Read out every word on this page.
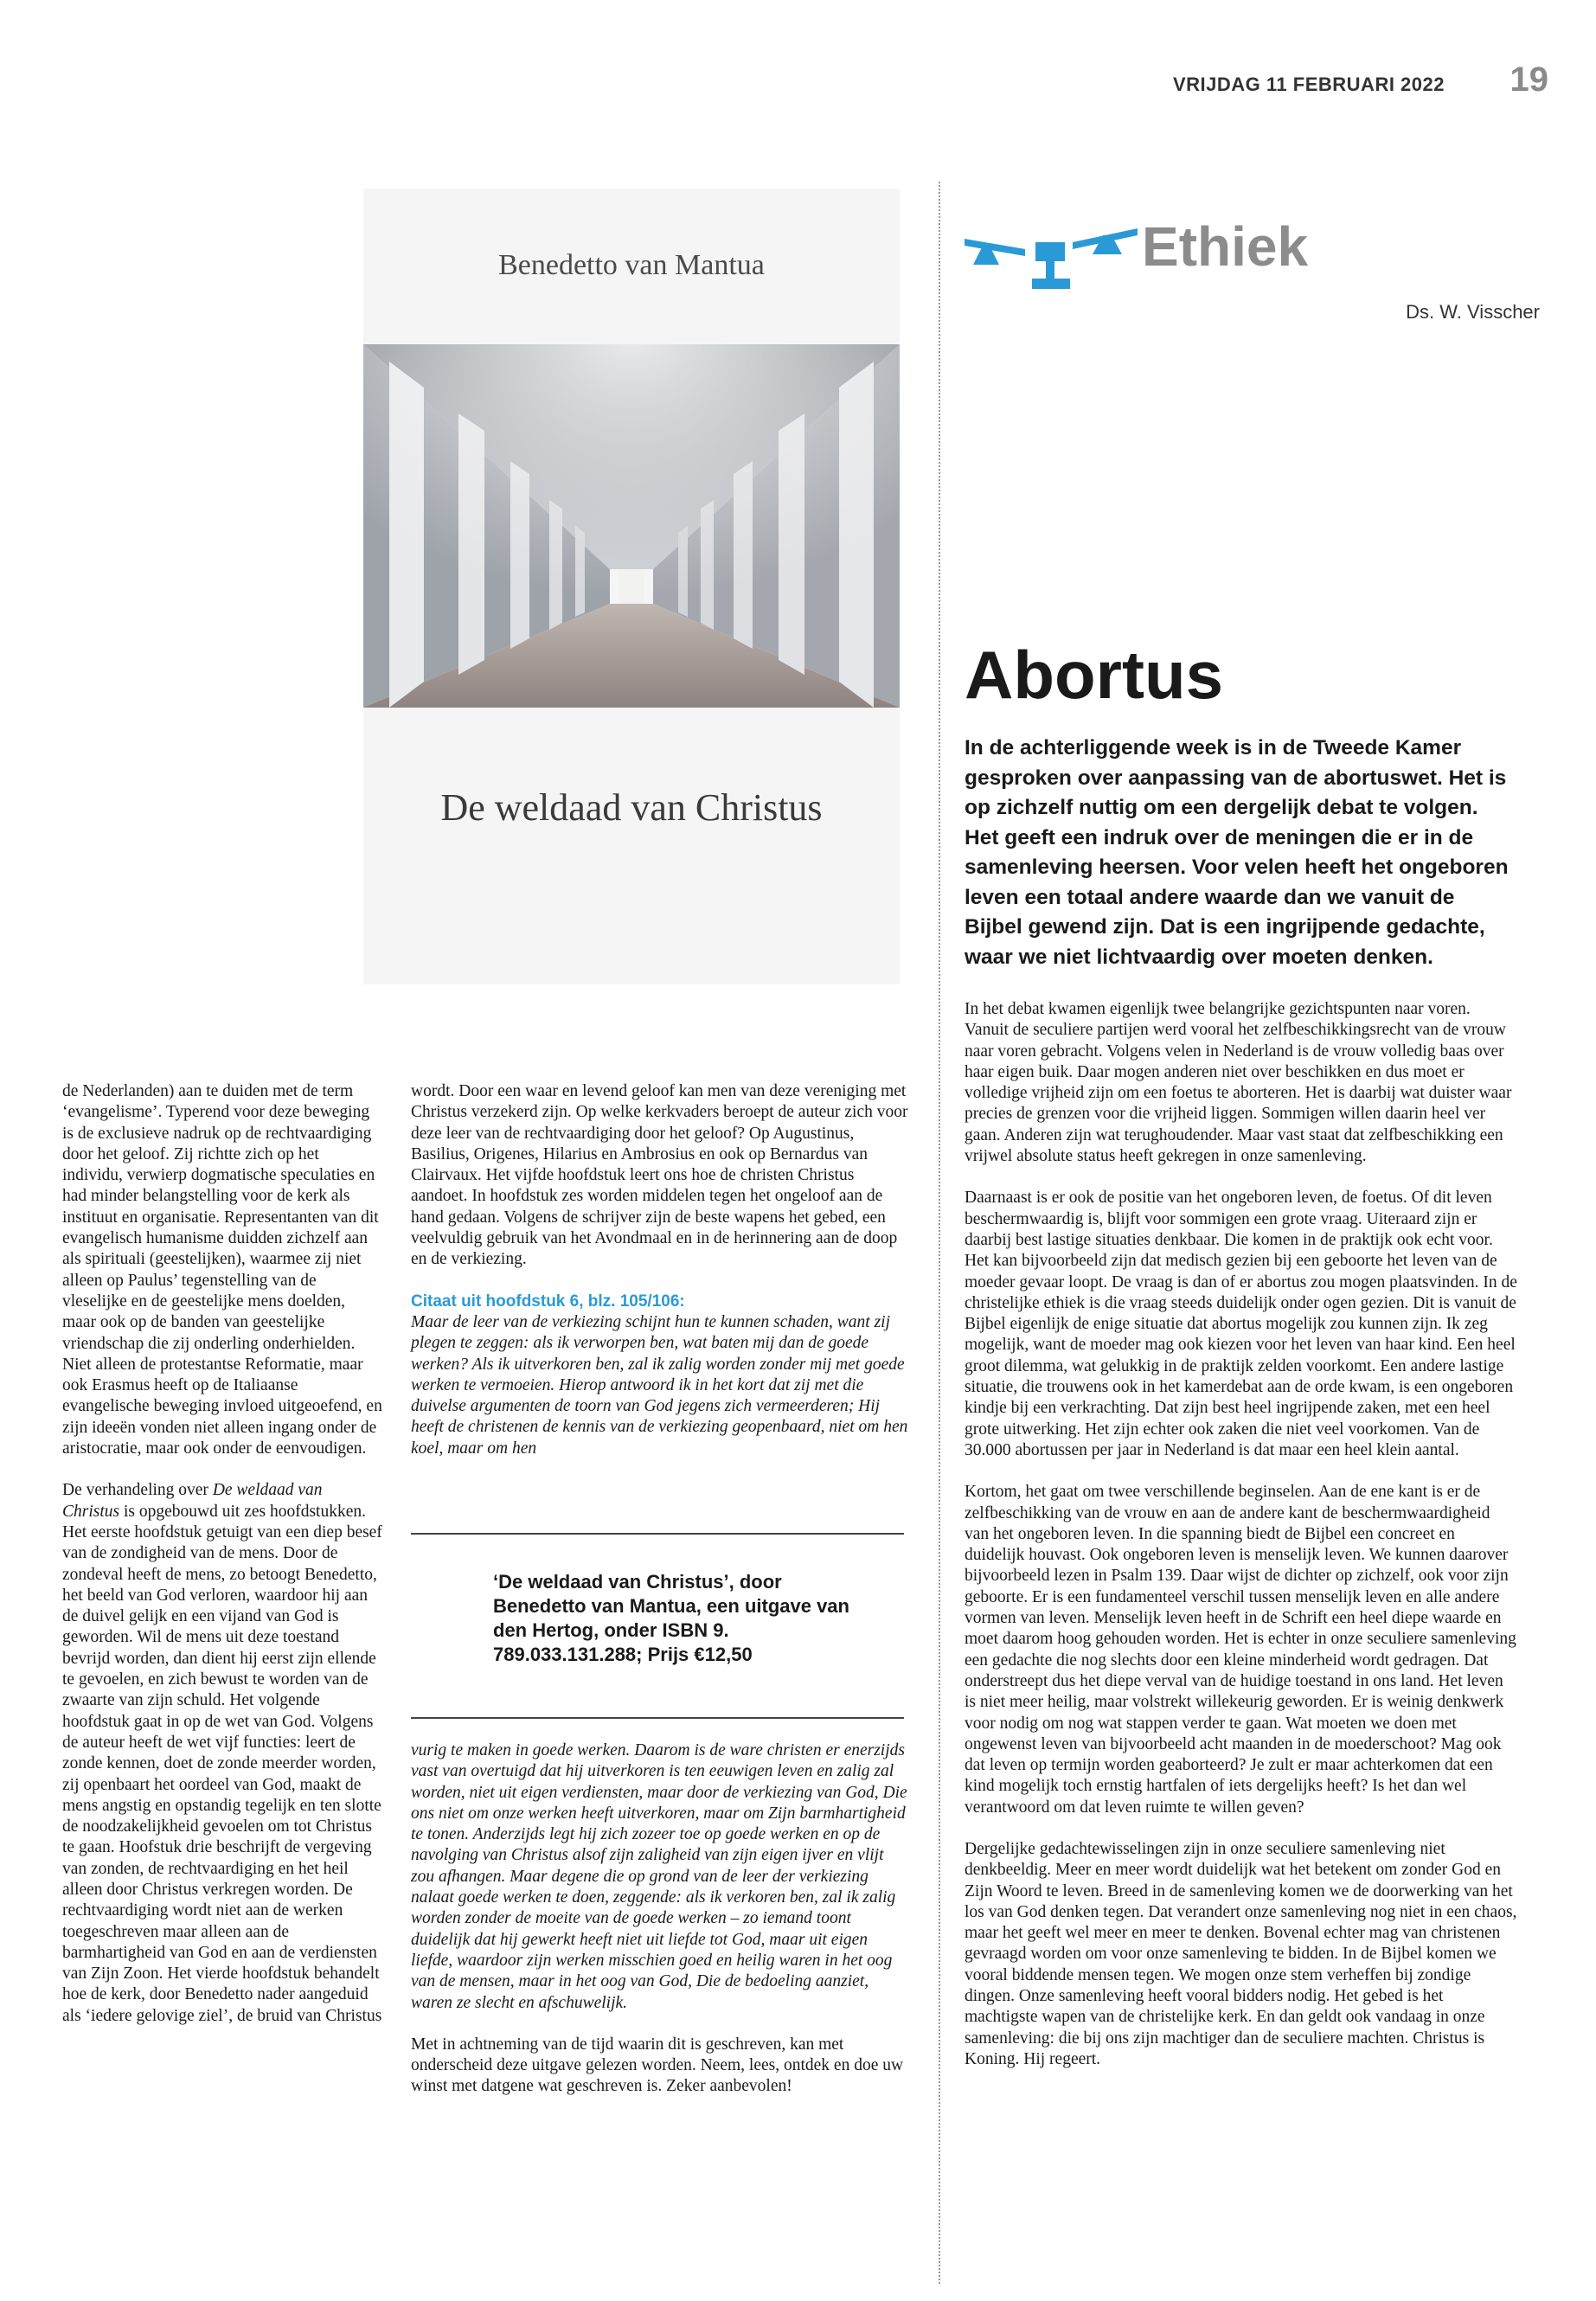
VRIJDAG 11 FEBRUARI 2022	19
Benedetto van Mantua
De weldaad van Christus
Ethiek
Ds. W. Visscher
Abortus
In de achterliggende week is in de Tweede Kamer gesproken over aanpassing van de abortuswet. Het is op zichzelf nuttig om een dergelijk debat te volgen. Het geeft een indruk over de meningen die er in de samenleving heersen. Voor velen heeft het ongeboren leven een totaal andere waarde dan we vanuit de Bijbel gewend zijn. Dat is een ingrijpende gedachte, waar we niet lichtvaardig over moeten denken.

de Nederlanden) aan te duiden met de term ‘evangelisme’. Typerend voor deze beweging is de exclusieve nadruk op de rechtvaardiging door het geloof. Zij richtte zich op het individu, verwierp dogmatische speculaties en had minder belangstelling voor de kerk als instituut en organisatie. Representanten van dit evangelisch humanisme duidden zichzelf aan als spirituali (geestelijken), waarmee zij niet alleen op Paulus’ tegenstelling van de vleselijke en de geestelijke mens doelden, maar ook op de banden van geestelijke vriendschap die zij onderling onderhielden. Niet alleen de protestantse Reformatie, maar ook Erasmus heeft op de Italiaanse evangelische beweging invloed uitgeoefend, en zijn ideeën vonden niet alleen ingang onder de aristocratie, maar ook onder de eenvoudigen.

De verhandeling over De weldaad van Christus is opgebouwd uit zes hoofdstukken. Het eerste hoofdstuk getuigt van een diep besef van de zondigheid van de mens. Door de zondeval heeft de mens, zo betoogt Benedetto, het beeld van God verloren, waardoor hij aan de duivel gelijk en een vijand van God is geworden. Wil de mens uit deze toestand bevrijd worden, dan dient hij eerst zijn ellende te gevoelen, en zich bewust te worden van de zwaarte van zijn schuld. Het volgende hoofdstuk gaat in op de wet van God. Volgens de auteur heeft de wet vijf functies: leert de zonde kennen, doet de zonde meerder worden, zij openbaart het oordeel van God, maakt de mens angstig en opstandig tegelijk en ten slotte de noodzakelijkheid gevoelen om tot Christus te gaan. Hoofstuk drie beschrijft de vergeving van zonden, de rechtvaardiging en het heil alleen door Christus verkregen worden. De rechtvaardiging wordt niet aan de werken toegeschreven maar alleen aan de barmhartigheid van God en aan de verdiensten van Zijn Zoon. Het vierde hoofdstuk behandelt hoe de kerk, door Benedetto nader aangeduid als ‘iedere gelovige ziel’, de bruid van Christus

wordt. Door een waar en levend geloof kan men van deze vereniging met Christus verzekerd zijn. Op welke kerkvaders beroept de auteur zich voor deze leer van de rechtvaardiging door het geloof? Op Augustinus, Basilius, Origenes, Hilarius en Ambrosius en ook op Bernardus van Clairvaux. Het vijfde hoofdstuk leert ons hoe de christen Christus aandoet. In hoofdstuk zes worden middelen tegen het ongeloof aan de hand gedaan. Volgens de schrijver zijn de beste wapens het gebed, een veelvuldig gebruik van het Avondmaal en in de herinnering aan de doop en de verkiezing.

Citaat uit hoofdstuk 6, blz. 105/106:

Maar de leer van de verkiezing schijnt hun te kunnen schaden, want zij plegen te zeggen: als ik verworpen ben, wat baten mij dan de goede werken? Als ik uitverkoren ben, zal ik zalig worden zonder mij met goede werken te vermoeien. Hierop antwoord ik in het kort dat zij met die duivelse argumenten de toorn van God jegens zich vermeerderen; Hij heeft de christenen de kennis van de verkiezing geopenbaard, niet om hen koel, maar om hen

‘De weldaad van Christus’, door Benedetto van Mantua, een uitgave van den Hertog, onder ISBN 9. 789.033.131.288; Prijs €12,50

vurig te maken in goede werken. Daarom is de ware christen er enerzijds vast van overtuigd dat hij uitverkoren is ten eeuwigen leven en zalig zal worden, niet uit eigen verdiensten, maar door de verkiezing van God, Die ons niet om onze werken heeft uitverkoren, maar om Zijn barmhartigheid te tonen. Anderzijds legt hij zich zozeer toe op goede werken en op de navolging van Christus alsof zijn zaligheid van zijn eigen ijver en vlijt zou afhangen. Maar degene die op grond van de leer der verkiezing nalaat goede werken te doen, zeggende: als ik verkoren ben, zal ik zalig worden zonder de moeite van de goede werken – zo iemand toont duidelijk dat hij gewerkt heeft niet uit liefde tot God, maar uit eigen liefde, waardoor zijn werken misschien goed en heilig waren in het oog van de mensen, maar in het oog van God, Die de bedoeling aanziet, waren ze slecht en afschuwelijk.

Met in achtneming van de tijd waarin dit is geschreven, kan met onderscheid deze uitgave gelezen worden. Neem, lees, ontdek en doe uw winst met datgene wat geschreven is. Zeker aanbevolen!

In het debat kwamen eigenlijk twee belangrijke gezichtspunten naar voren. Vanuit de seculiere partijen werd vooral het zelfbeschikkingsrecht van de vrouw naar voren gebracht. Volgens velen in Nederland is de vrouw volledig baas over haar eigen buik. Daar mogen anderen niet over beschikken en dus moet er volledige vrijheid zijn om een foetus te aborteren. Het is daarbij wat duister waar precies de grenzen voor die vrijheid liggen. Sommigen willen daarin heel ver gaan. Anderen zijn wat terughoudender. Maar vast staat dat zelfbeschikking een vrijwel absolute status heeft gekregen in onze samenleving.

Daarnaast is er ook de positie van het ongeboren leven, de foetus. Of dit leven beschermwaardig is, blijft voor sommigen een grote vraag. Uiteraard zijn er daarbij best lastige situaties denkbaar. Die komen in de praktijk ook echt voor. Het kan bijvoorbeeld zijn dat medisch gezien bij een geboorte het leven van de moeder gevaar loopt. De vraag is dan of er abortus zou mogen plaatsvinden. In de christelijke ethiek is die vraag steeds duidelijk onder ogen gezien. Dit is vanuit de Bijbel eigenlijk de enige situatie dat abortus mogelijk zou kunnen zijn. Ik zeg mogelijk, want de moeder mag ook kiezen voor het leven van haar kind. Een heel groot dilemma, wat gelukkig in de praktijk zelden voorkomt. Een andere lastige situatie, die trouwens ook in het kamerdebat aan de orde kwam, is een ongeboren kindje bij een verkrachting. Dat zijn best heel ingrijpende zaken, met een heel grote uitwerking. Het zijn echter ook zaken die niet veel voorkomen. Van de 30.000 abortussen per jaar in Nederland is dat maar een heel klein aantal.

Kortom, het gaat om twee verschillende beginselen. Aan de ene kant is er de zelfbeschikking van de vrouw en aan de andere kant de beschermwaardigheid van het ongeboren leven. In die spanning biedt de Bijbel een concreet en duidelijk houvast. Ook ongeboren leven is menselijk leven. We kunnen daarover bijvoorbeeld lezen in Psalm 139. Daar wijst de dichter op zichzelf, ook voor zijn geboorte. Er is een fundamenteel verschil tussen menselijk leven en alle andere vormen van leven. Menselijk leven heeft in de Schrift een heel diepe waarde en moet daarom hoog gehouden worden. Het is echter in onze seculiere samenleving een gedachte die nog slechts door een kleine minderheid wordt gedragen. Dat onderstreept dus het diepe verval van de huidige toestand in ons land. Het leven is niet meer heilig, maar volstrekt willekeurig geworden. Er is weinig denkwerk voor nodig om nog wat stappen verder te gaan. Wat moeten we doen met ongewenst leven van bijvoorbeeld acht maanden in de moederschoot? Mag ook dat leven op termijn worden geaborteerd? Je zult er maar achterkomen dat een kind mogelijk toch ernstig hartfalen of iets dergelijks heeft? Is het dan wel verantwoord om dat leven ruimte te willen geven?

Dergelijke gedachtewisselingen zijn in onze seculiere samenleving niet denkbeeldig. Meer en meer wordt duidelijk wat het betekent om zonder God en Zijn Woord te leven. Breed in de samenleving komen we de doorwerking van het los van God denken tegen. Dat verandert onze samenleving nog niet in een chaos, maar het geeft wel meer en meer te denken. Bovenal echter mag van christenen gevraagd worden om voor onze samenleving te bidden. In de Bijbel komen we vooral biddende mensen tegen. We mogen onze stem verheffen bij zondige dingen. Onze samenleving heeft vooral bidders nodig. Het gebed is het machtigste wapen van de christelijke kerk. En dan geldt ook vandaag in onze samenleving: die bij ons zijn machtiger dan de seculiere machten. Christus is Koning. Hij regeert.
